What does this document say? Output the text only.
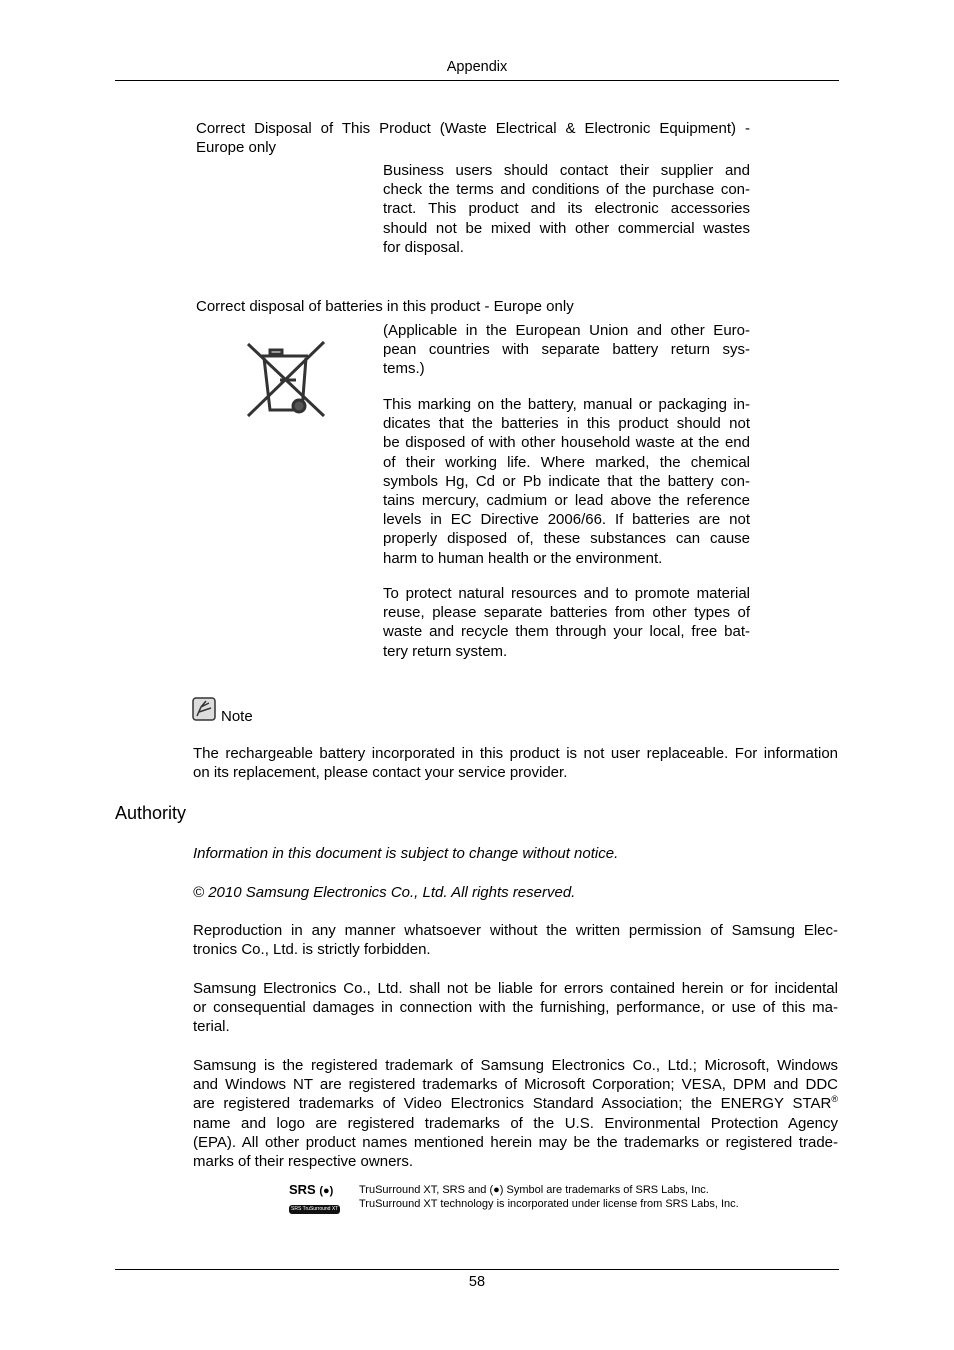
Appendix
Correct Disposal of This Product (Waste Electrical & Electronic Equipment) -
Europe only
Business users should contact their supplier and
check the terms and conditions of the purchase con-
tract. This product and its electronic accessories
should not be mixed with other commercial wastes
for disposal.
Correct disposal of batteries in this product - Europe only
(Applicable in the European Union and other Euro-
pean countries with separate battery return sys-
tems.)
This marking on the battery, manual or packaging in-
dicates that the batteries in this product should not
be disposed of with other household waste at the end
of their working life. Where marked, the chemical
symbols Hg, Cd or Pb indicate that the battery con-
tains mercury, cadmium or lead above the reference
levels in EC Directive 2006/66. If batteries are not
properly disposed of, these substances can cause
harm to human health or the environment.
To protect natural resources and to promote material
reuse, please separate batteries from other types of
waste and recycle them through your local, free bat-
tery return system.
Note
The rechargeable battery incorporated in this product is not user replaceable. For information
on its replacement, please contact your service provider.
Authority
Information in this document is subject to change without notice.
© 2010 Samsung Electronics Co., Ltd. All rights reserved.
Reproduction in any manner whatsoever without the written permission of Samsung Elec-
tronics Co., Ltd. is strictly forbidden.
Samsung Electronics Co., Ltd. shall not be liable for errors contained herein or for incidental
or consequential damages in connection with the furnishing, performance, or use of this ma-
terial.
Samsung is the registered trademark of Samsung Electronics Co., Ltd.; Microsoft, Windows
and Windows NT are registered trademarks of Microsoft Corporation; VESA, DPM and DDC
are registered trademarks of Video Electronics Standard Association; the ENERGY STAR®
name and logo are registered trademarks of the U.S. Environmental Protection Agency
(EPA). All other product names mentioned herein may be the trademarks or registered trade-
marks of their respective owners.
SRS (●)
SRS TruSurround XT
TruSurround XT, SRS and (●) Symbol are trademarks of SRS Labs, Inc.
TruSurround XT technology is incorporated under license from SRS Labs, Inc.
58
